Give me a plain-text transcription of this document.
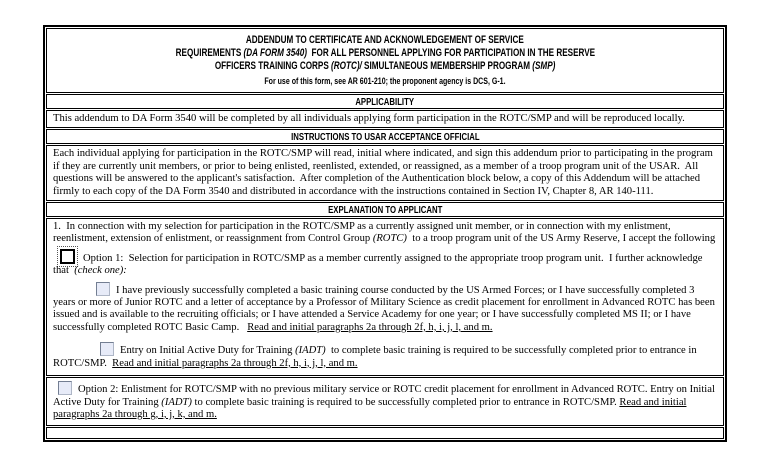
ADDENDUM TO CERTIFICATE AND ACKNOWLEDGEMENT OF SERVICE
REQUIREMENTS (DA FORM 3540)  FOR ALL PERSONNEL APPLYING FOR PARTICIPATION IN THE RESERVE
OFFICERS TRAINING CORPS (ROTC)/ SIMULTANEOUS MEMBERSHIP PROGRAM (SMP)
For use of this form, see AR 601-210; the proponent agency is DCS, G-1.
APPLICABILITY

This addendum to DA Form 3540 will be completed by all individuals applying form participation in the ROTC/SMP and will be reproduced locally.

INSTRUCTIONS TO USAR ACCEPTANCE OFFICIAL

Each individual applying for participation in the ROTC/SMP will read, initial where indicated, and sign this addendum prior to participating in the program if they are currently unit members, or prior to being enlisted, reenlisted, extended, or reassigned, as a member of a troop program unit of the USAR.  All questions will be answered to the applicant's satisfaction.  After completion of the Authentication block below, a copy of this Addendum will be attached firmly to each copy of the DA Form 3540 and distributed in accordance with the instructions contained in Section IV, Chapter 8, AR 140-111.

EXPLANATION TO APPLICANT
1.  In connection with my selection for participation in the ROTC/SMP as a currently assigned unit member, or in connection with my enlistment, reenlistment, extension of enlistment, or reassignment from Control Group (ROTC)  to a troop program unit of the US Army Reserve, I accept the following
Option 1:  Selection for participation in ROTC/SMP as a member currently assigned to the appropriate troop program unit.  I further acknowledge that  (check one):
I have previously successfully completed a basic training course conducted by the US Armed Forces; or I have successfully completed 3 years or more of Junior ROTC and a letter of acceptance by a Professor of Military Science as credit placement for enrollment in Advanced ROTC has been issued and is available to the recruiting officials; or I have attended a Service Academy for one year; or I have successfully completed MS II; or I have successfully completed ROTC Basic Camp.   Read and initial paragraphs 2a through 2f, h, i, j, l, and m.
Entry on Initial Active Duty for Training (IADT)  to complete basic training is required to be successfully completed prior to entrance in ROTC/SMP.  Read and initial paragraphs 2a through 2f, h, i, j, l, and m.
Option 2: Enlistment for ROTC/SMP with no previous military service or ROTC credit placement for enrollment in Advanced ROTC. Entry on Initial Active Duty for Training (IADT) to complete basic training is required to be successfully completed prior to entrance in ROTC/SMP. Read and initial paragraphs 2a through g, i, j, k, and m.
